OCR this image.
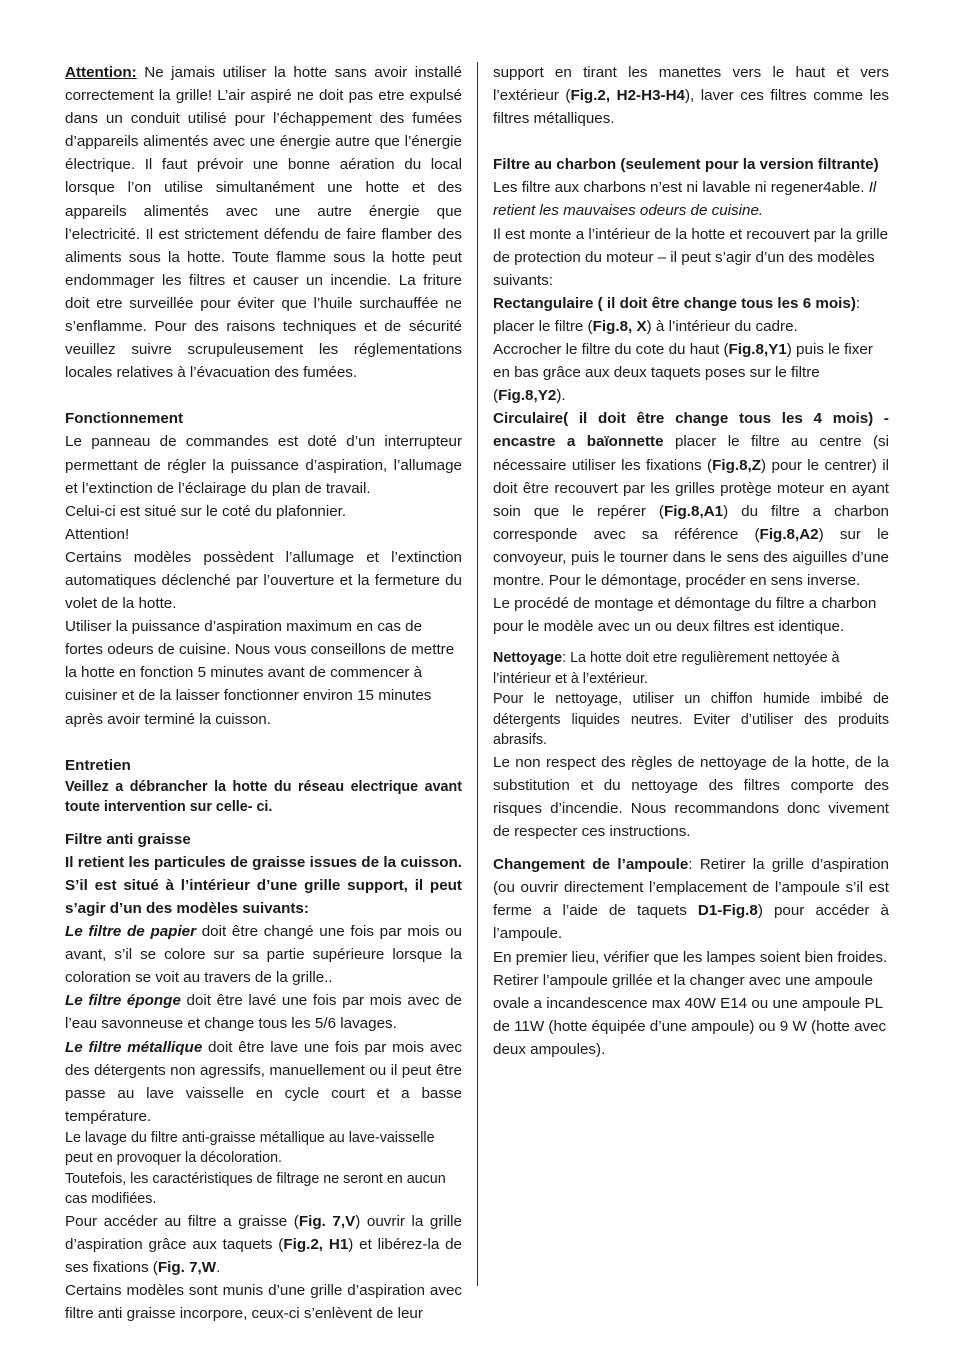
Attention: Ne jamais utiliser la hotte sans avoir installé correctement la grille! L’air aspiré ne doit pas etre expulsé dans un conduit utilisé pour l’échappement des fumées d’appareils alimentés avec une énergie autre que l’énergie électrique. Il faut prévoir une bonne aération du local lorsque l’on utilise simultanément une hotte et des appareils alimentés avec une autre énergie que l’electricité. Il est strictement défendu de faire flamber des aliments sous la hotte. Toute flamme sous la hotte peut endommager les filtres et causer un incendie. La friture doit etre surveillée pour éviter que l’huile surchauffée ne s’enflamme. Pour des raisons techniques et de sécurité veuillez suivre scrupuleusement les réglementations locales relatives à l’évacuation des fumées.

Fonctionnement

Le panneau de commandes est doté d’un interrupteur permettant de régler la puissance d’aspiration, l’allumage et l’extinction de l’éclairage du plan de travail.

Celui-ci est situé sur le coté du plafonnier.

Attention!

Certains modèles possèdent l’allumage et l’extinction automatiques déclenché par l’ouverture et la fermeture du volet de la hotte.

Utiliser la puissance d’aspiration maximum en cas de fortes odeurs de cuisine. Nous vous conseillons de mettre la hotte en fonction 5 minutes avant de commencer à cuisiner et de la laisser fonctionner environ 15 minutes après avoir terminé la cuisson.

Entretien

Veillez a débrancher la hotte du réseau electrique avant toute intervention sur celle- ci.

Filtre anti graisse

Il retient les particules de graisse issues de la cuisson. S’il est situé à l’intérieur d’une grille support, il peut s’agir d’un des modèles suivants:

Le filtre de papier doit être changé une fois par mois ou avant, s’il se colore sur sa partie supérieure lorsque la coloration se voit au travers de la grille..

Le filtre éponge doit être lavé une fois par mois avec de l’eau savonneuse et change tous les 5/6 lavages.

Le filtre métallique doit être lave une fois par mois avec des détergents non agressifs, manuellement ou il peut être passe au lave vaisselle en cycle court et a basse température.

Le lavage du filtre anti-graisse métallique au lave-vaisselle peut en provoquer la décoloration.

Toutefois, les caractéristiques de filtrage ne seront en aucun cas modifiées.

Pour accéder au filtre a graisse (Fig. 7,V) ouvrir la grille d’aspiration grâce aux taquets (Fig.2, H1) et libérez-la de ses fixations (Fig. 7,W.

Certains modèles sont munis d’une grille d’aspiration avec filtre anti graisse incorpore, ceux-ci s’enlèvent de leur

support en tirant les manettes vers le haut et vers l’extérieur (Fig.2, H2-H3-H4), laver ces filtres comme les filtres métalliques.

Filtre au charbon (seulement pour la version filtrante)

Les filtre aux charbons n’est ni lavable ni regener4able. Il retient les mauvaises odeurs de cuisine.

Il est monte a l’intérieur de la hotte et recouvert par la grille de protection du moteur – il peut s’agir d’un des modèles suivants:

Rectangulaire ( il doit être change tous les 6 mois): placer le filtre (Fig.8, X) à l’intérieur du cadre.

Accrocher le filtre du cote du haut (Fig.8,Y1) puis le fixer en bas grâce aux deux taquets poses sur le filtre (Fig.8,Y2).

Circulaire( il doit être change tous les 4 mois) - encastre a baïonnette placer le filtre au centre (si nécessaire utiliser les fixations (Fig.8,Z) pour le centrer) il doit être recouvert par les grilles protège moteur en ayant soin que le repérer (Fig.8,A1) du filtre a charbon corresponde avec sa référence (Fig.8,A2) sur le convoyeur, puis le tourner dans le sens des aiguilles d’une montre. Pour le démontage, procéder en sens inverse.

Le procédé de montage et démontage du filtre a charbon pour le modèle avec un ou deux filtres est identique.

Nettoyage: La hotte doit etre regulièrement nettoyée à l’intérieur et à l’extérieur.

Pour le nettoyage, utiliser un chiffon humide imbibé de détergents liquides neutres. Eviter d’utiliser des produits abrasifs.

Le non respect des règles de nettoyage de la hotte, de la substitution et du nettoyage des filtres comporte des risques d’incendie. Nous recommandons donc vivement de respecter ces instructions.

Changement de l’ampoule: Retirer la grille d’aspiration (ou ouvrir directement l’emplacement de l’ampoule s’il est ferme a l’aide de taquets D1-Fig.8) pour accéder à l’ampoule.

En premier lieu, vérifier que les lampes soient bien froides.

Retirer l’ampoule grillée et la changer avec une ampoule ovale a incandescence max 40W E14 ou une ampoule PL de 11W (hotte équipée d’une ampoule) ou 9 W (hotte avec deux ampoules).
